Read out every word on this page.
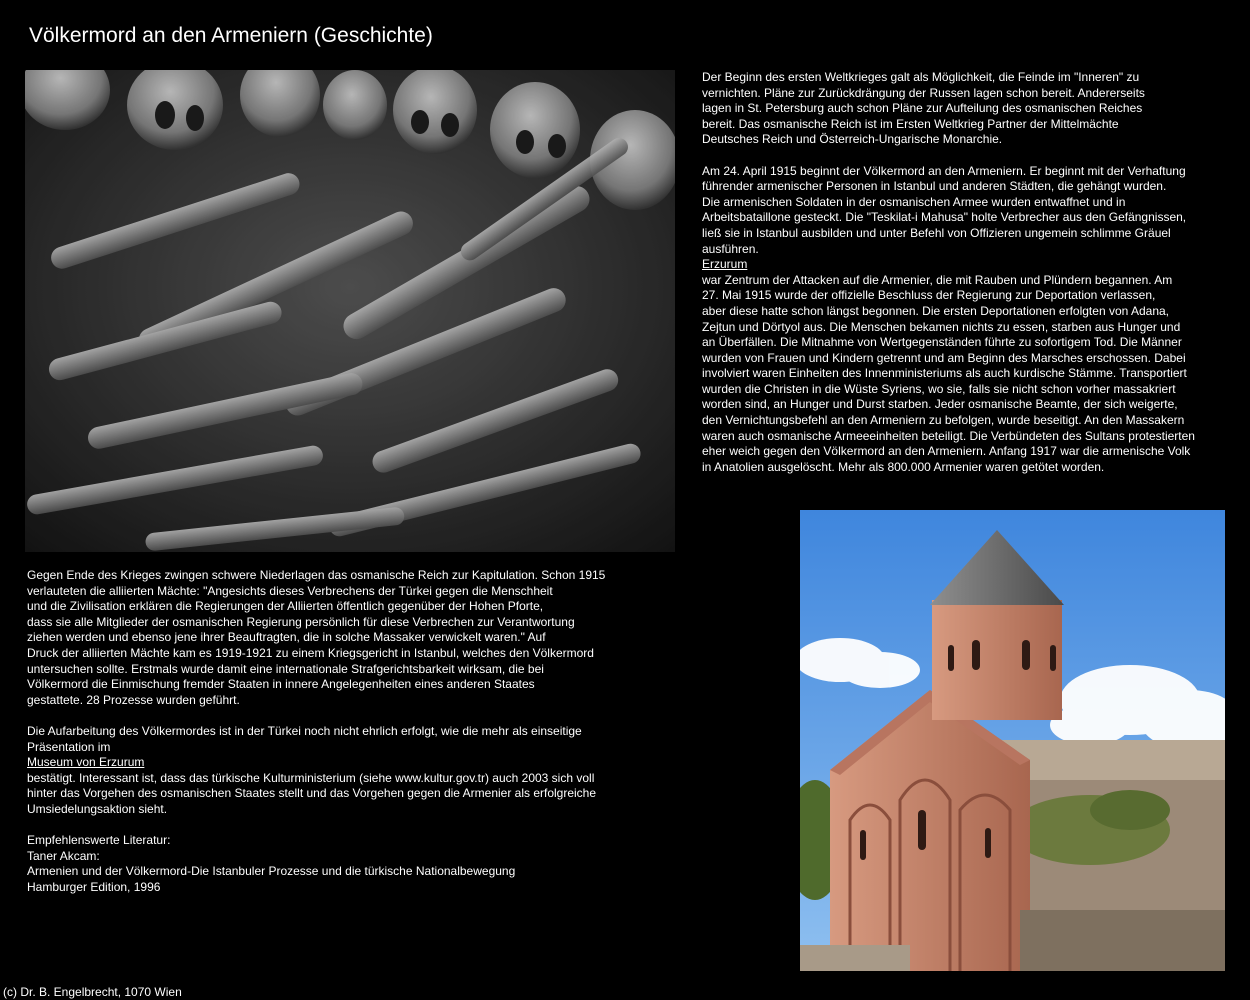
Völkermord an den Armeniern (Geschichte)

Der Beginn des ersten Weltkrieges galt als Möglichkeit, die Feinde im "Inneren" zu

vernichten. Pläne zur Zurückdrängung der Russen lagen schon bereit. Andererseits

lagen in St. Petersburg auch schon Pläne zur Aufteilung des osmanischen Reiches

bereit. Das osmanische Reich ist im Ersten Weltkrieg Partner der Mittelmächte

Deutsches Reich und Österreich-Ungarische Monarchie.

Am 24. April 1915 beginnt der Völkermord an den Armeniern. Er beginnt mit der Verhaftung

führender armenischer Personen in Istanbul und anderen Städten, die gehängt wurden.

Die armenischen Soldaten in der osmanischen Armee wurden entwaffnet und in

Arbeitsbataillone gesteckt. Die "Teskilat-i Mahusa" holte Verbrecher aus den Gefängnissen,

ließ sie in Istanbul ausbilden und unter Befehl von Offizieren ungemein schlimme Gräuel

ausführen.

Erzurum

war Zentrum der Attacken auf die Armenier, die mit Rauben und Plündern begannen. Am

27. Mai 1915 wurde der offizielle Beschluss der Regierung zur Deportation verlassen,

aber diese hatte schon längst begonnen. Die ersten Deportationen erfolgten von Adana,

Zejtun und Dörtyol aus. Die Menschen bekamen nichts zu essen, starben aus Hunger und

an Überfällen. Die Mitnahme von Wertgegenständen führte zu sofortigem Tod. Die Männer

wurden von Frauen und Kindern getrennt und am Beginn des Marsches erschossen. Dabei

involviert waren Einheiten des Innenministeriums als auch kurdische Stämme. Transportiert

wurden die Christen in die Wüste Syriens, wo sie, falls sie nicht schon vorher massakriert

worden sind, an Hunger und Durst starben. Jeder osmanische Beamte, der sich weigerte,

den Vernichtungsbefehl an den Armeniern zu befolgen, wurde beseitigt. An den Massakern

waren auch osmanische Armeeeinheiten beteiligt. Die Verbündeten des Sultans protestierten

eher weich gegen den Völkermord an den Armeniern. Anfang 1917 war die armenische Volk

in Anatolien ausgelöscht. Mehr als 800.000 Armenier waren getötet worden.

Gegen Ende des Krieges zwingen schwere Niederlagen das osmanische Reich zur Kapitulation. Schon 1915

verlauteten die alliierten Mächte: "Angesichts dieses Verbrechens der Türkei gegen die Menschheit

und die Zivilisation erklären die Regierungen der Alliierten öffentlich gegenüber der Hohen Pforte,

dass sie alle Mitglieder der osmanischen Regierung persönlich für diese Verbrechen zur Verantwortung

ziehen werden und ebenso jene ihrer Beauftragten, die in solche Massaker verwickelt waren." Auf

Druck der alliierten Mächte kam es 1919-1921 zu einem Kriegsgericht in Istanbul, welches den Völkermord

untersuchen sollte. Erstmals wurde damit eine internationale Strafgerichtsbarkeit wirksam, die bei

Völkermord die Einmischung fremder Staaten in innere Angelegenheiten eines anderen Staates

gestattete. 28 Prozesse wurden geführt.

Die Aufarbeitung des Völkermordes ist in der Türkei noch nicht ehrlich erfolgt, wie die mehr als einseitige

Präsentation im

Museum von Erzurum

bestätigt. Interessant ist, dass das türkische Kulturministerium (siehe www.kultur.gov.tr) auch 2003 sich voll

hinter das Vorgehen des osmanischen Staates stellt und das Vorgehen gegen die Armenier als erfolgreiche

Umsiedelungsaktion sieht.

Empfehlenswerte Literatur:

Taner Akcam:

Armenien und der Völkermord-Die Istanbuler Prozesse und die türkische Nationalbewegung

Hamburger Edition, 1996

(c) Dr. B. Engelbrecht, 1070 Wien
